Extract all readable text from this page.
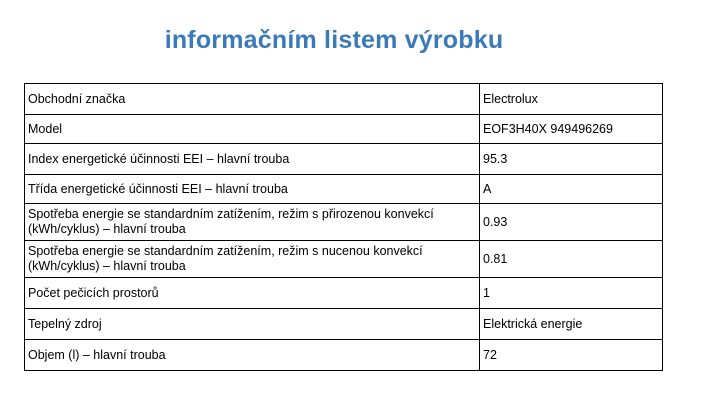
informačním listem výrobku
Obchodní značka	Electrolux
Model	EOF3H40X 949496269
Index energetické účinnosti EEI – hlavní trouba	95.3
Třída energetické účinnosti EEI – hlavní trouba	A
Spotřeba energie se standardním zatížením, režim s přirozenou konvekcí (kWh/cyklus) – hlavní trouba	0.93
Spotřeba energie se standardním zatížením, režim s nucenou konvekcí (kWh/cyklus) – hlavní trouba	0.81
Počet pečicích prostorů	1
Tepelný zdroj	Elektrická energie
Objem (l) – hlavní trouba	72
